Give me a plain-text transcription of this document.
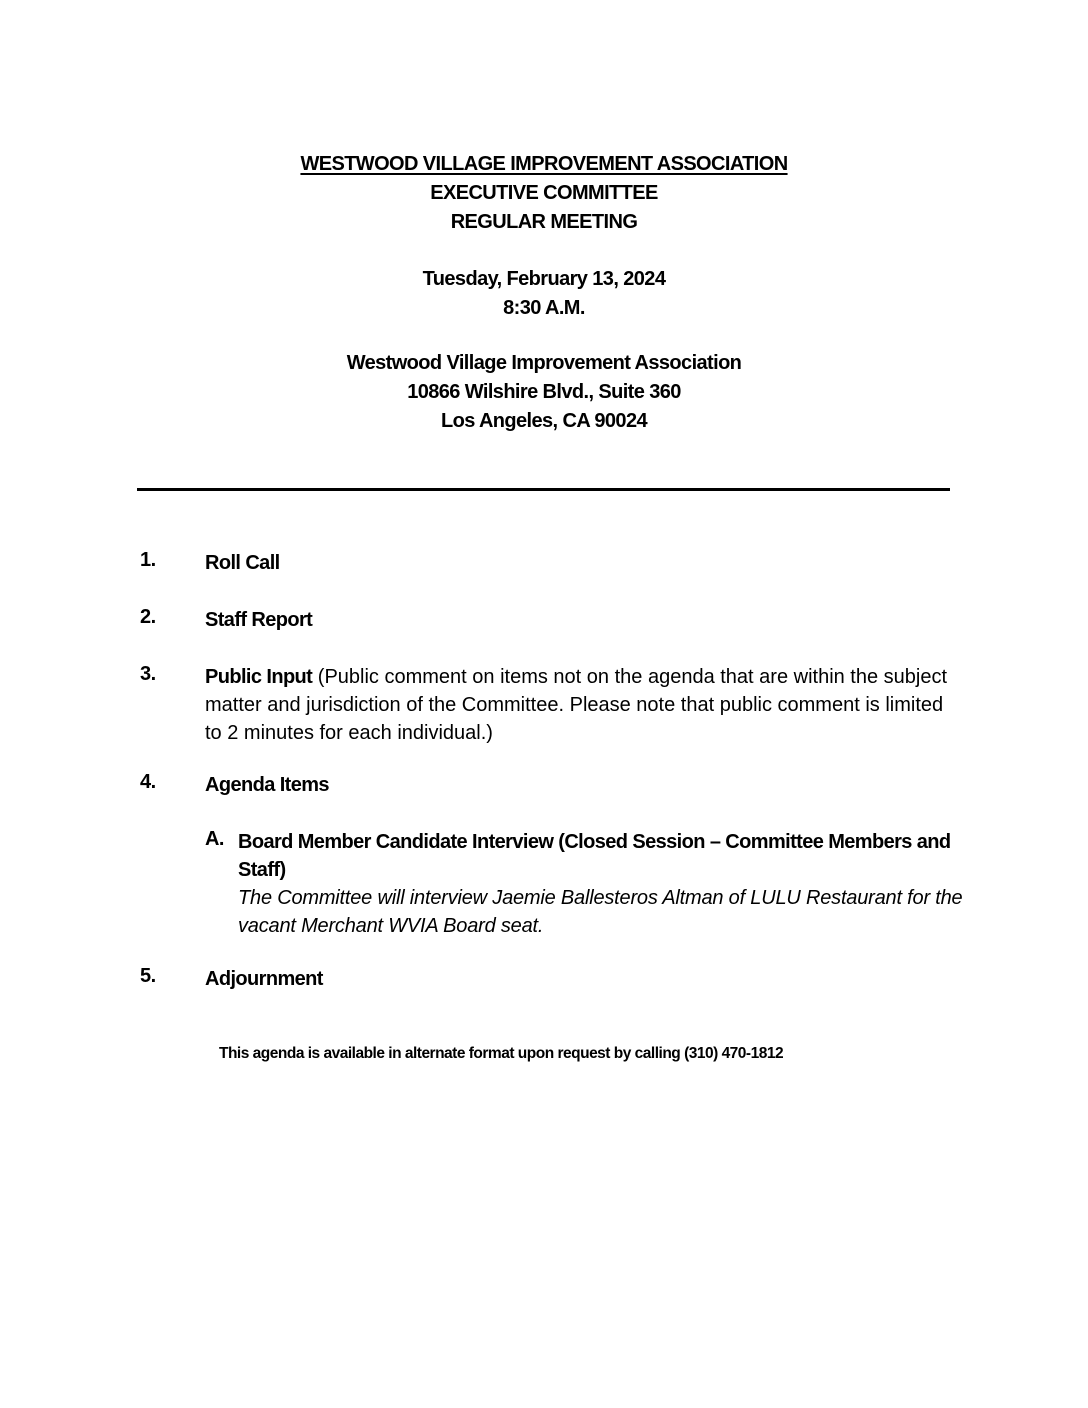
WESTWOOD VILLAGE IMPROVEMENT ASSOCIATION
EXECUTIVE COMMITTEE
REGULAR MEETING
Tuesday, February 13, 2024
8:30 A.M.
Westwood Village Improvement Association
10866 Wilshire Blvd., Suite 360
Los Angeles, CA 90024
1. Roll Call
2. Staff Report
3. Public Input (Public comment on items not on the agenda that are within the subject matter and jurisdiction of the Committee. Please note that public comment is limited to 2 minutes for each individual.)
4. Agenda Items
A. Board Member Candidate Interview (Closed Session – Committee Members and Staff)
The Committee will interview Jaemie Ballesteros Altman of LULU Restaurant for the vacant Merchant WVIA Board seat.
5. Adjournment
This agenda is available in alternate format upon request by calling (310) 470-1812
